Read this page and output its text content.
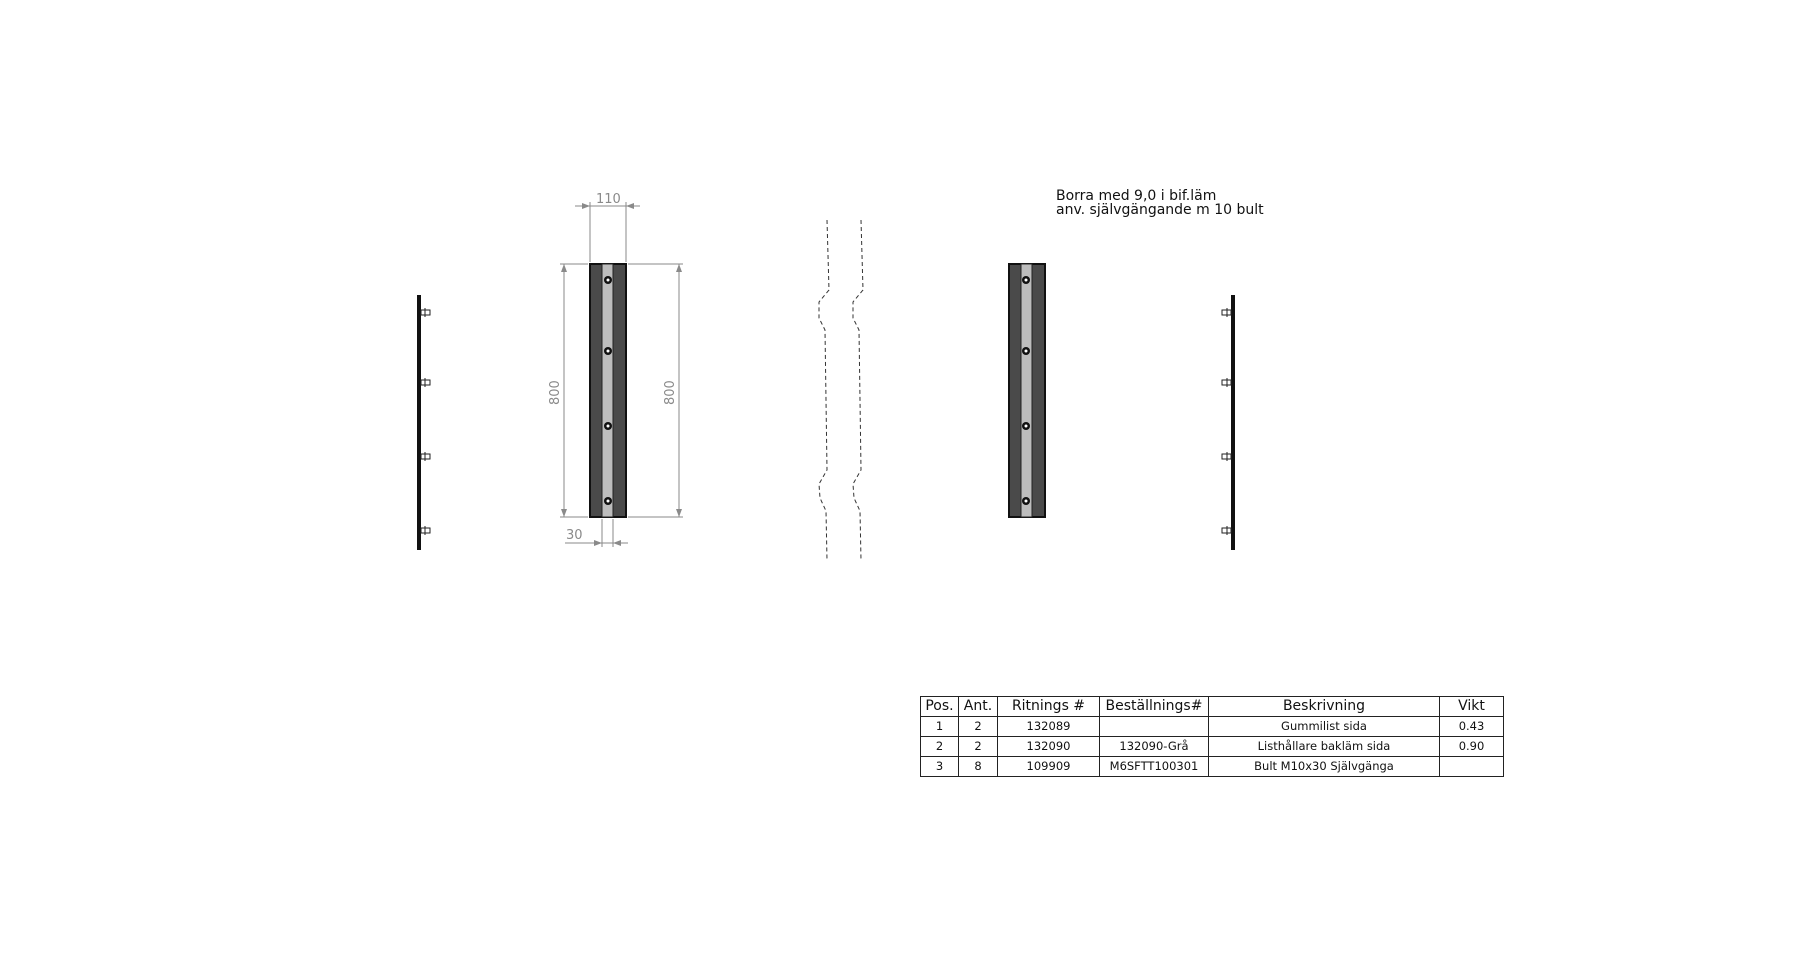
Borra med 9,0 i bif.läm
anv. självgängande m 10 bult
110
800	800
30
Pos.	Ant.	Ritnings #	Beställnings#	Beskrivning	Vikt
1	2	132089		Gummilist sida	0.43
2	2	132090	132090-Grå	Listhållare bakläm sida	0.90
3	8	109909	M6SFTT100301	Bult M10x30 Självgänga	
